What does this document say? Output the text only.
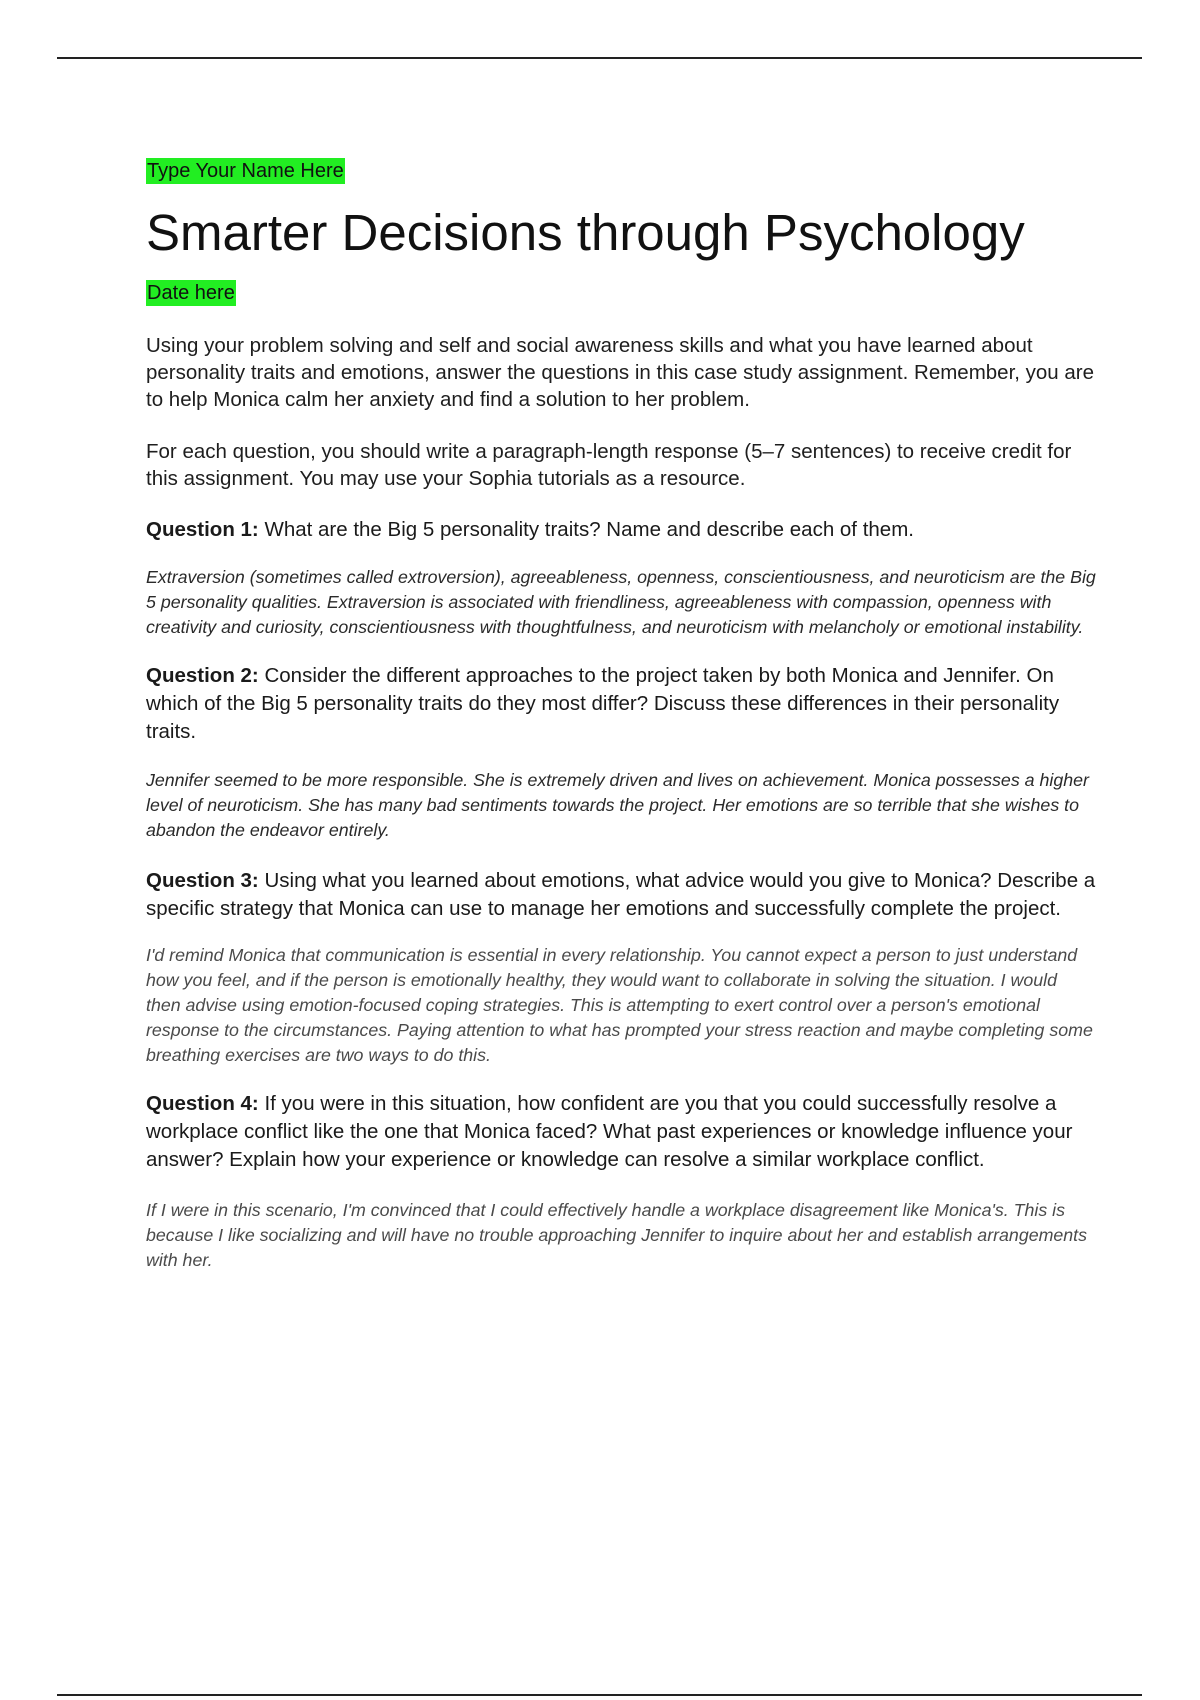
Type Your Name Here
Smarter Decisions through Psychology
Date here

Using your problem solving and self and social awareness skills and what you have learned about personality traits and emotions, answer the questions in this case study assignment. Remember, you are to help Monica calm her anxiety and find a solution to her problem.

For each question, you should write a paragraph-length response (5–7 sentences) to receive credit for this assignment. You may use your Sophia tutorials as a resource.

Question 1: What are the Big 5 personality traits? Name and describe each of them.

Extraversion (sometimes called extroversion), agreeableness, openness, conscientiousness, and neuroticism are the Big 5 personality qualities. Extraversion is associated with friendliness, agreeableness with compassion, openness with creativity and curiosity, conscientiousness with thoughtfulness, and neuroticism with melancholy or emotional instability.

Question 2: Consider the different approaches to the project taken by both Monica and Jennifer. On which of the Big 5 personality traits do they most differ? Discuss these differences in their personality traits.

Jennifer seemed to be more responsible. She is extremely driven and lives on achievement. Monica possesses a higher level of neuroticism. She has many bad sentiments towards the project. Her emotions are so terrible that she wishes to abandon the endeavor entirely.

Question 3: Using what you learned about emotions, what advice would you give to Monica? Describe a specific strategy that Monica can use to manage her emotions and successfully complete the project.

I'd remind Monica that communication is essential in every relationship. You cannot expect a person to just understand how you feel, and if the person is emotionally healthy, they would want to collaborate in solving the situation. I would then advise using emotion-focused coping strategies. This is attempting to exert control over a person's emotional response to the circumstances. Paying attention to what has prompted your stress reaction and maybe completing some breathing exercises are two ways to do this.

Question 4: If you were in this situation, how confident are you that you could successfully resolve a workplace conflict like the one that Monica faced? What past experiences or knowledge influence your answer? Explain how your experience or knowledge can resolve a similar workplace conflict.

If I were in this scenario, I'm convinced that I could effectively handle a workplace disagreement like Monica's. This is because I like socializing and will have no trouble approaching Jennifer to inquire about her and establish arrangements with her.
